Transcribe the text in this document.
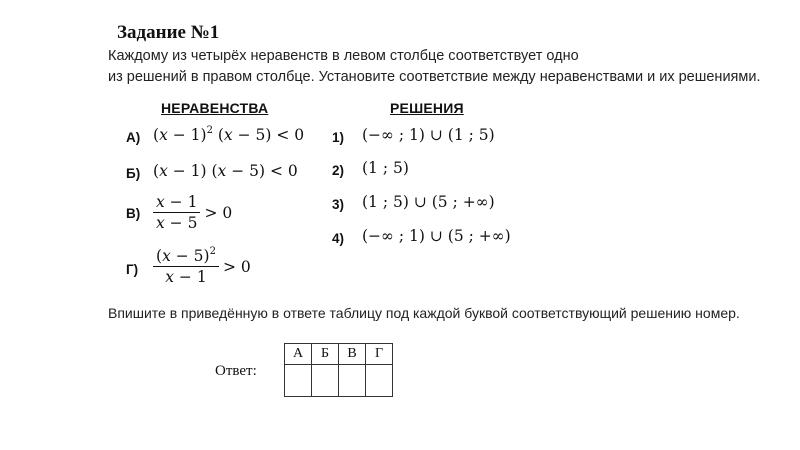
Задание №1
Каждому из четырёх неравенств в левом столбце соответствует одно
из решений в правом столбце. Установите соответствие между неравенствами и их решениями.
НЕРАВЕНСТВА	РЕШЕНИЯ
А) $(x - 1)^2$ (x − 5) < 0
Б) (x − 1) (x − 5) < 0
$В) \frac{x - 1}{x - 5} > 0$
$Г) \frac{(x - 5)^2}{x - 1} > 0$
1) (−∞ ; 1) ∪ (1 ; 5)
2) (1 ; 5)
3) (1 ; 5) ∪ (5 ; +∞)
4) (−∞ ; 1) ∪ (5 ; +∞)
Впишите в приведённую в ответе таблицу под каждой буквой соответствующий решению номер.
Ответ:
А	Б	В	Г
